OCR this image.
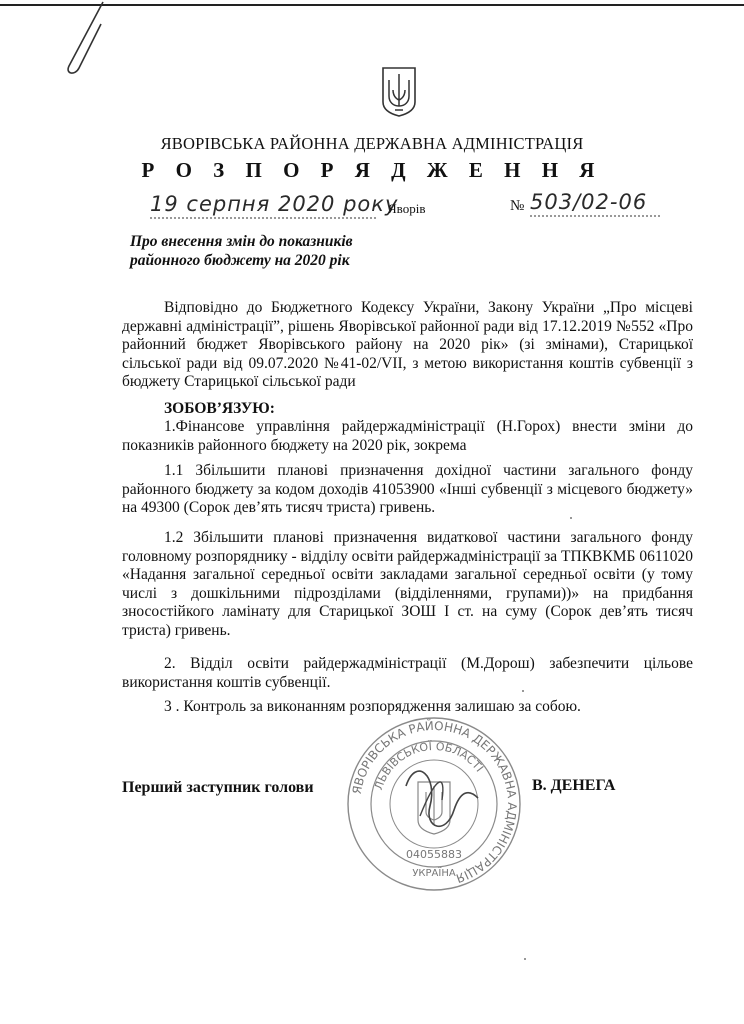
ЯВОРІВСЬКА РАЙОННА ДЕРЖАВНА АДМІНІСТРАЦІЯ
Р О З П О Р Я Д Ж Е Н Н Я
19 серпня 2020 року
Яворів	№ 503/02-06
Про внесення змін до показників
районного бюджету на 2020 рік

Відповідно до Бюджетного Кодексу України, Закону України „Про місцеві державні адміністрації”, рішень Яворівської районної ради від 17.12.2019 №552 «Про районний бюджет Яворівського району на 2020 рік» (зі змінами), Старицької сільської ради від 09.07.2020 №41-02/VII, з метою використання коштів субвенції з бюджету Старицької сільської ради

ЗОБОВ’ЯЗУЮ:

1.Фінансове управління райдержадміністрації (Н.Горох) внести зміни до показників районного бюджету на 2020 рік, зокрема

1.1 Збільшити планові призначення дохідної частини загального фонду районного бюджету за кодом доходів 41053900 «Інші субвенції з місцевого бюджету» на 49300 (Сорок дев’ять тисяч триста) гривень.

1.2 Збільшити планові призначення видаткової частини загального фонду головному розпоряднику - відділу освіти райдержадміністрації за ТПКВКМБ 0611020 «Надання загальної середньої освіти закладами загальної середньої освіти (у тому числі з дошкільними підрозділами (відділеннями, групами))» на придбання зносостійкого ламінату для Старицької ЗОШ І ст. на суму (Сорок дев’ять тисяч триста) гривень.

2. Відділ освіти райдержадміністрації (М.Дорош) забезпечити цільове використання коштів субвенції.

3 . Контроль за виконанням розпорядження залишаю за собою.

ЯВОРІВСЬКА РАЙОННА ДЕРЖАВНА АДМІНІСТРАЦІЯ
ЛЬВІВСЬКОЇ ОБЛАСТІ
04055883
УКРАЇНА
Перший заступник голови	В. ДЕНЕГА
